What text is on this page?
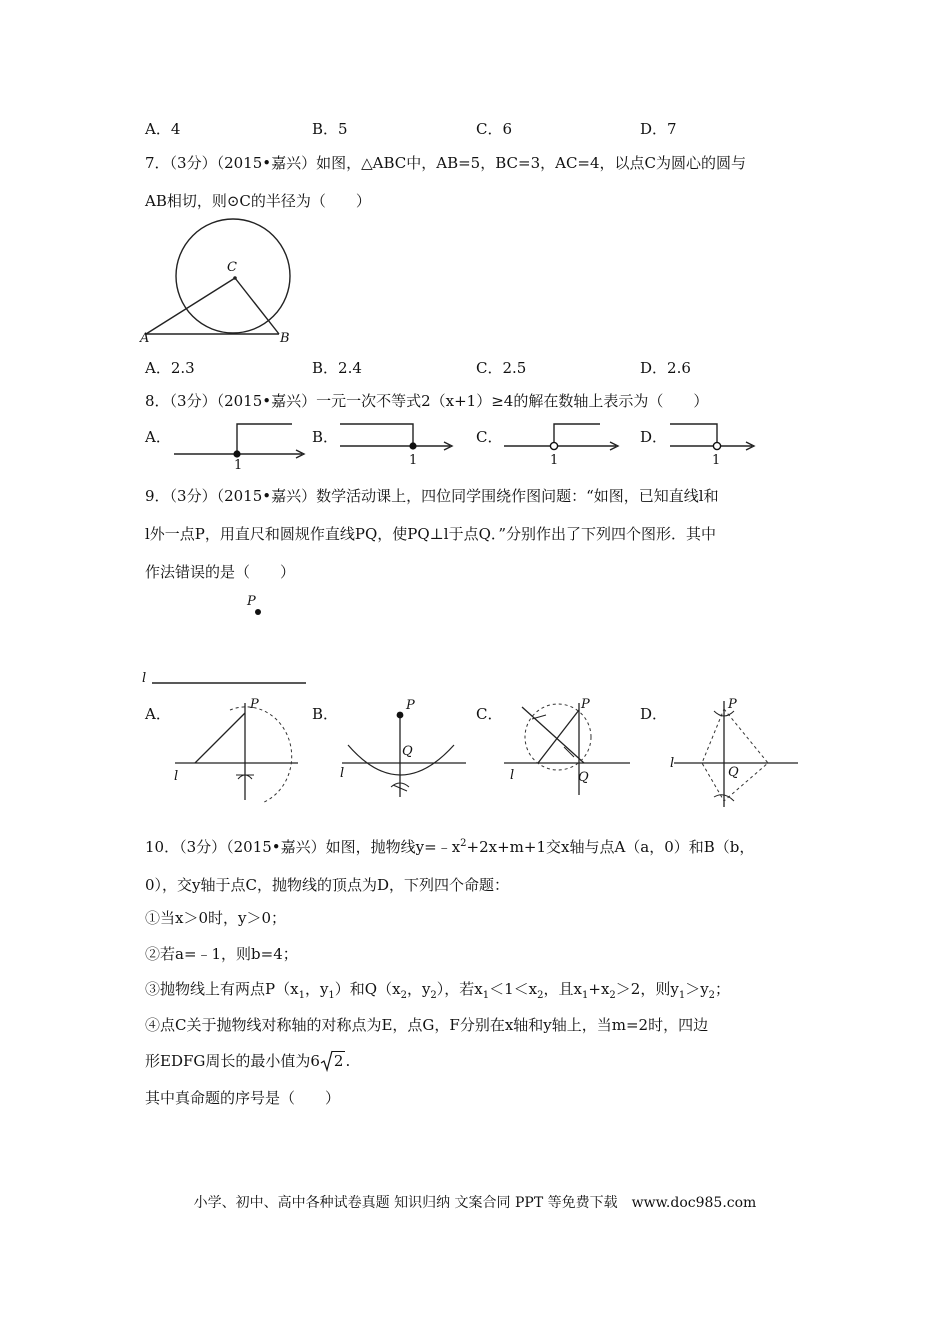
A．4	B．5	C．6	D．7
7．（3分）（2015•嘉兴）如图，△ABC中，AB=5，BC=3，AC=4，以点C为圆心的圆与
AB相切，则⊙C的半径为（　　）
C
A	B
A．2.3	B．2.4	C．2.5	D．2.6
8．（3分）（2015•嘉兴）一元一次不等式2（x+1）≥4的解在数轴上表示为（　　）
A．
1
B．
1
C．
1
D．
1
9．（3分）（2015•嘉兴）数学活动课上，四位同学围绕作图问题：“如图，已知直线l和
l外一点P，用直尺和圆规作直线PQ，使PQ⊥l于点Q．”分别作出了下列四个图形．其中
作法错误的是（　　）
P
l
A．
P
l
B．	P
Q
l
C．
P
Q
l
D．
P
Q
l
10．（3分）（2015•嘉兴）如图，抛物线$y=﹣x^2+2x+m+1$交x轴与点A（a，0）和B（b，
0），交y轴于点C，抛物线的顶点为D，下列四个命题：
①当x＞0时，y＞0；
②若a=﹣1，则b=4；
③抛物线上有两点$P(x_1$，$y_1$）和$Q(x_2$，$y_2$），若$x_1<1<x_2$，且$x_1+x_2>2$，则$y_1>y_2$；
④点C关于抛物线对称轴的对称点为E，点G，F分别在x轴和y轴上，当m=2时，四边
形EDFG周长的最小值为6 2 .
其中真命题的序号是（　　）
小学、初中、高中各种试卷真题 知识归纳 文案合同 PPT 等免费下载　www.doc985.com
